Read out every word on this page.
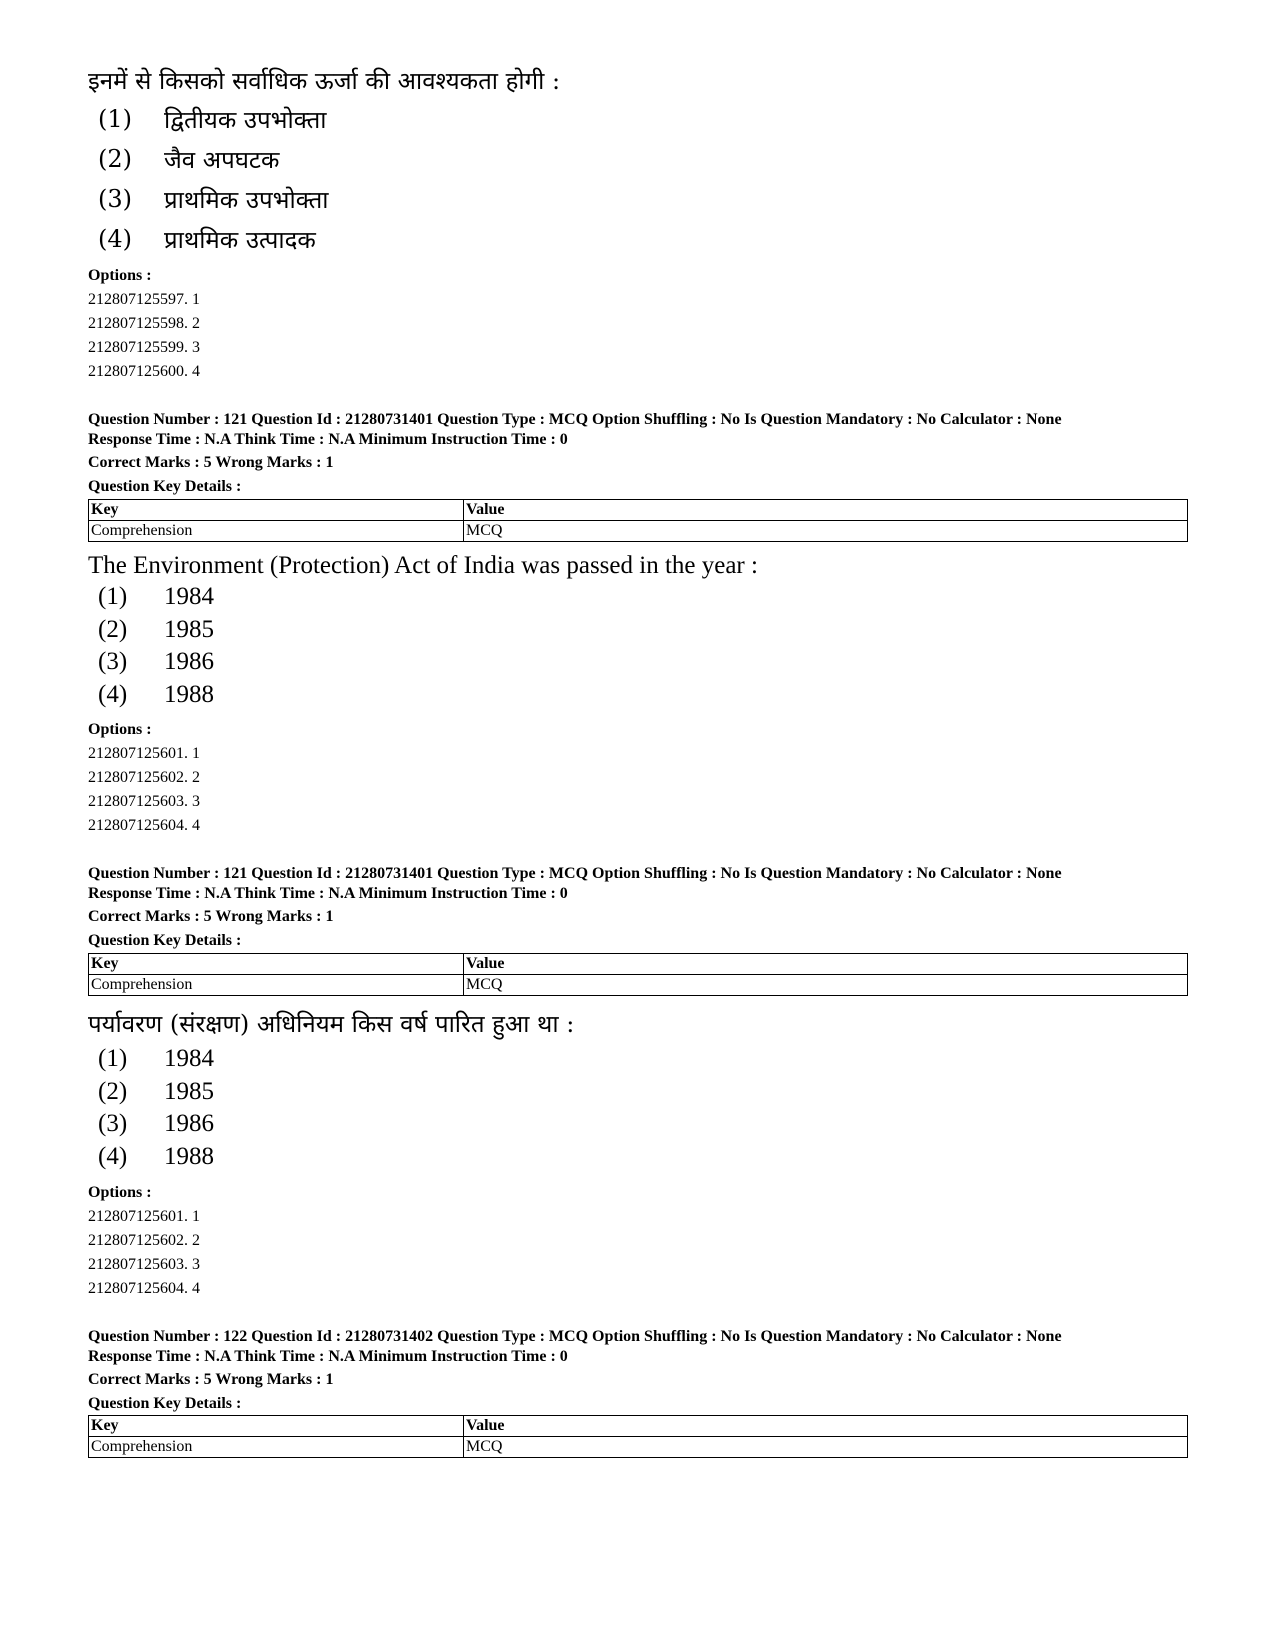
इनमें से किसको सर्वाधिक ऊर्जा की आवश्यकता होगी :
(1)	द्वितीयक उपभोक्ता
(2)	जैव अपघटक
(3)	प्राथमिक उपभोक्ता
(4)	प्राथमिक उत्पादक
Options :
212807125597. 1
212807125598. 2
212807125599. 3
212807125600. 4
Question Number : 121 Question Id : 21280731401 Question Type : MCQ Option Shuffling : No Is Question Mandatory : No Calculator : None
Response Time : N.A Think Time : N.A Minimum Instruction Time : 0
Correct Marks : 5 Wrong Marks : 1
Question Key Details :
Key	Value
Comprehension	MCQ
The Environment (Protection) Act of India was passed in the year :
(1)	1984
(2)	1985
(3)	1986
(4)	1988
Options :
212807125601. 1
212807125602. 2
212807125603. 3
212807125604. 4
Question Number : 121 Question Id : 21280731401 Question Type : MCQ Option Shuffling : No Is Question Mandatory : No Calculator : None
Response Time : N.A Think Time : N.A Minimum Instruction Time : 0
Correct Marks : 5 Wrong Marks : 1
Question Key Details :
Key	Value
Comprehension	MCQ
पर्यावरण (संरक्षण) अधिनियम किस वर्ष पारित हुआ था :
(1)	1984
(2)	1985
(3)	1986
(4)	1988
Options :
212807125601. 1
212807125602. 2
212807125603. 3
212807125604. 4
Question Number : 122 Question Id : 21280731402 Question Type : MCQ Option Shuffling : No Is Question Mandatory : No Calculator : None
Response Time : N.A Think Time : N.A Minimum Instruction Time : 0
Correct Marks : 5 Wrong Marks : 1
Question Key Details :
Key	Value
Comprehension	MCQ
